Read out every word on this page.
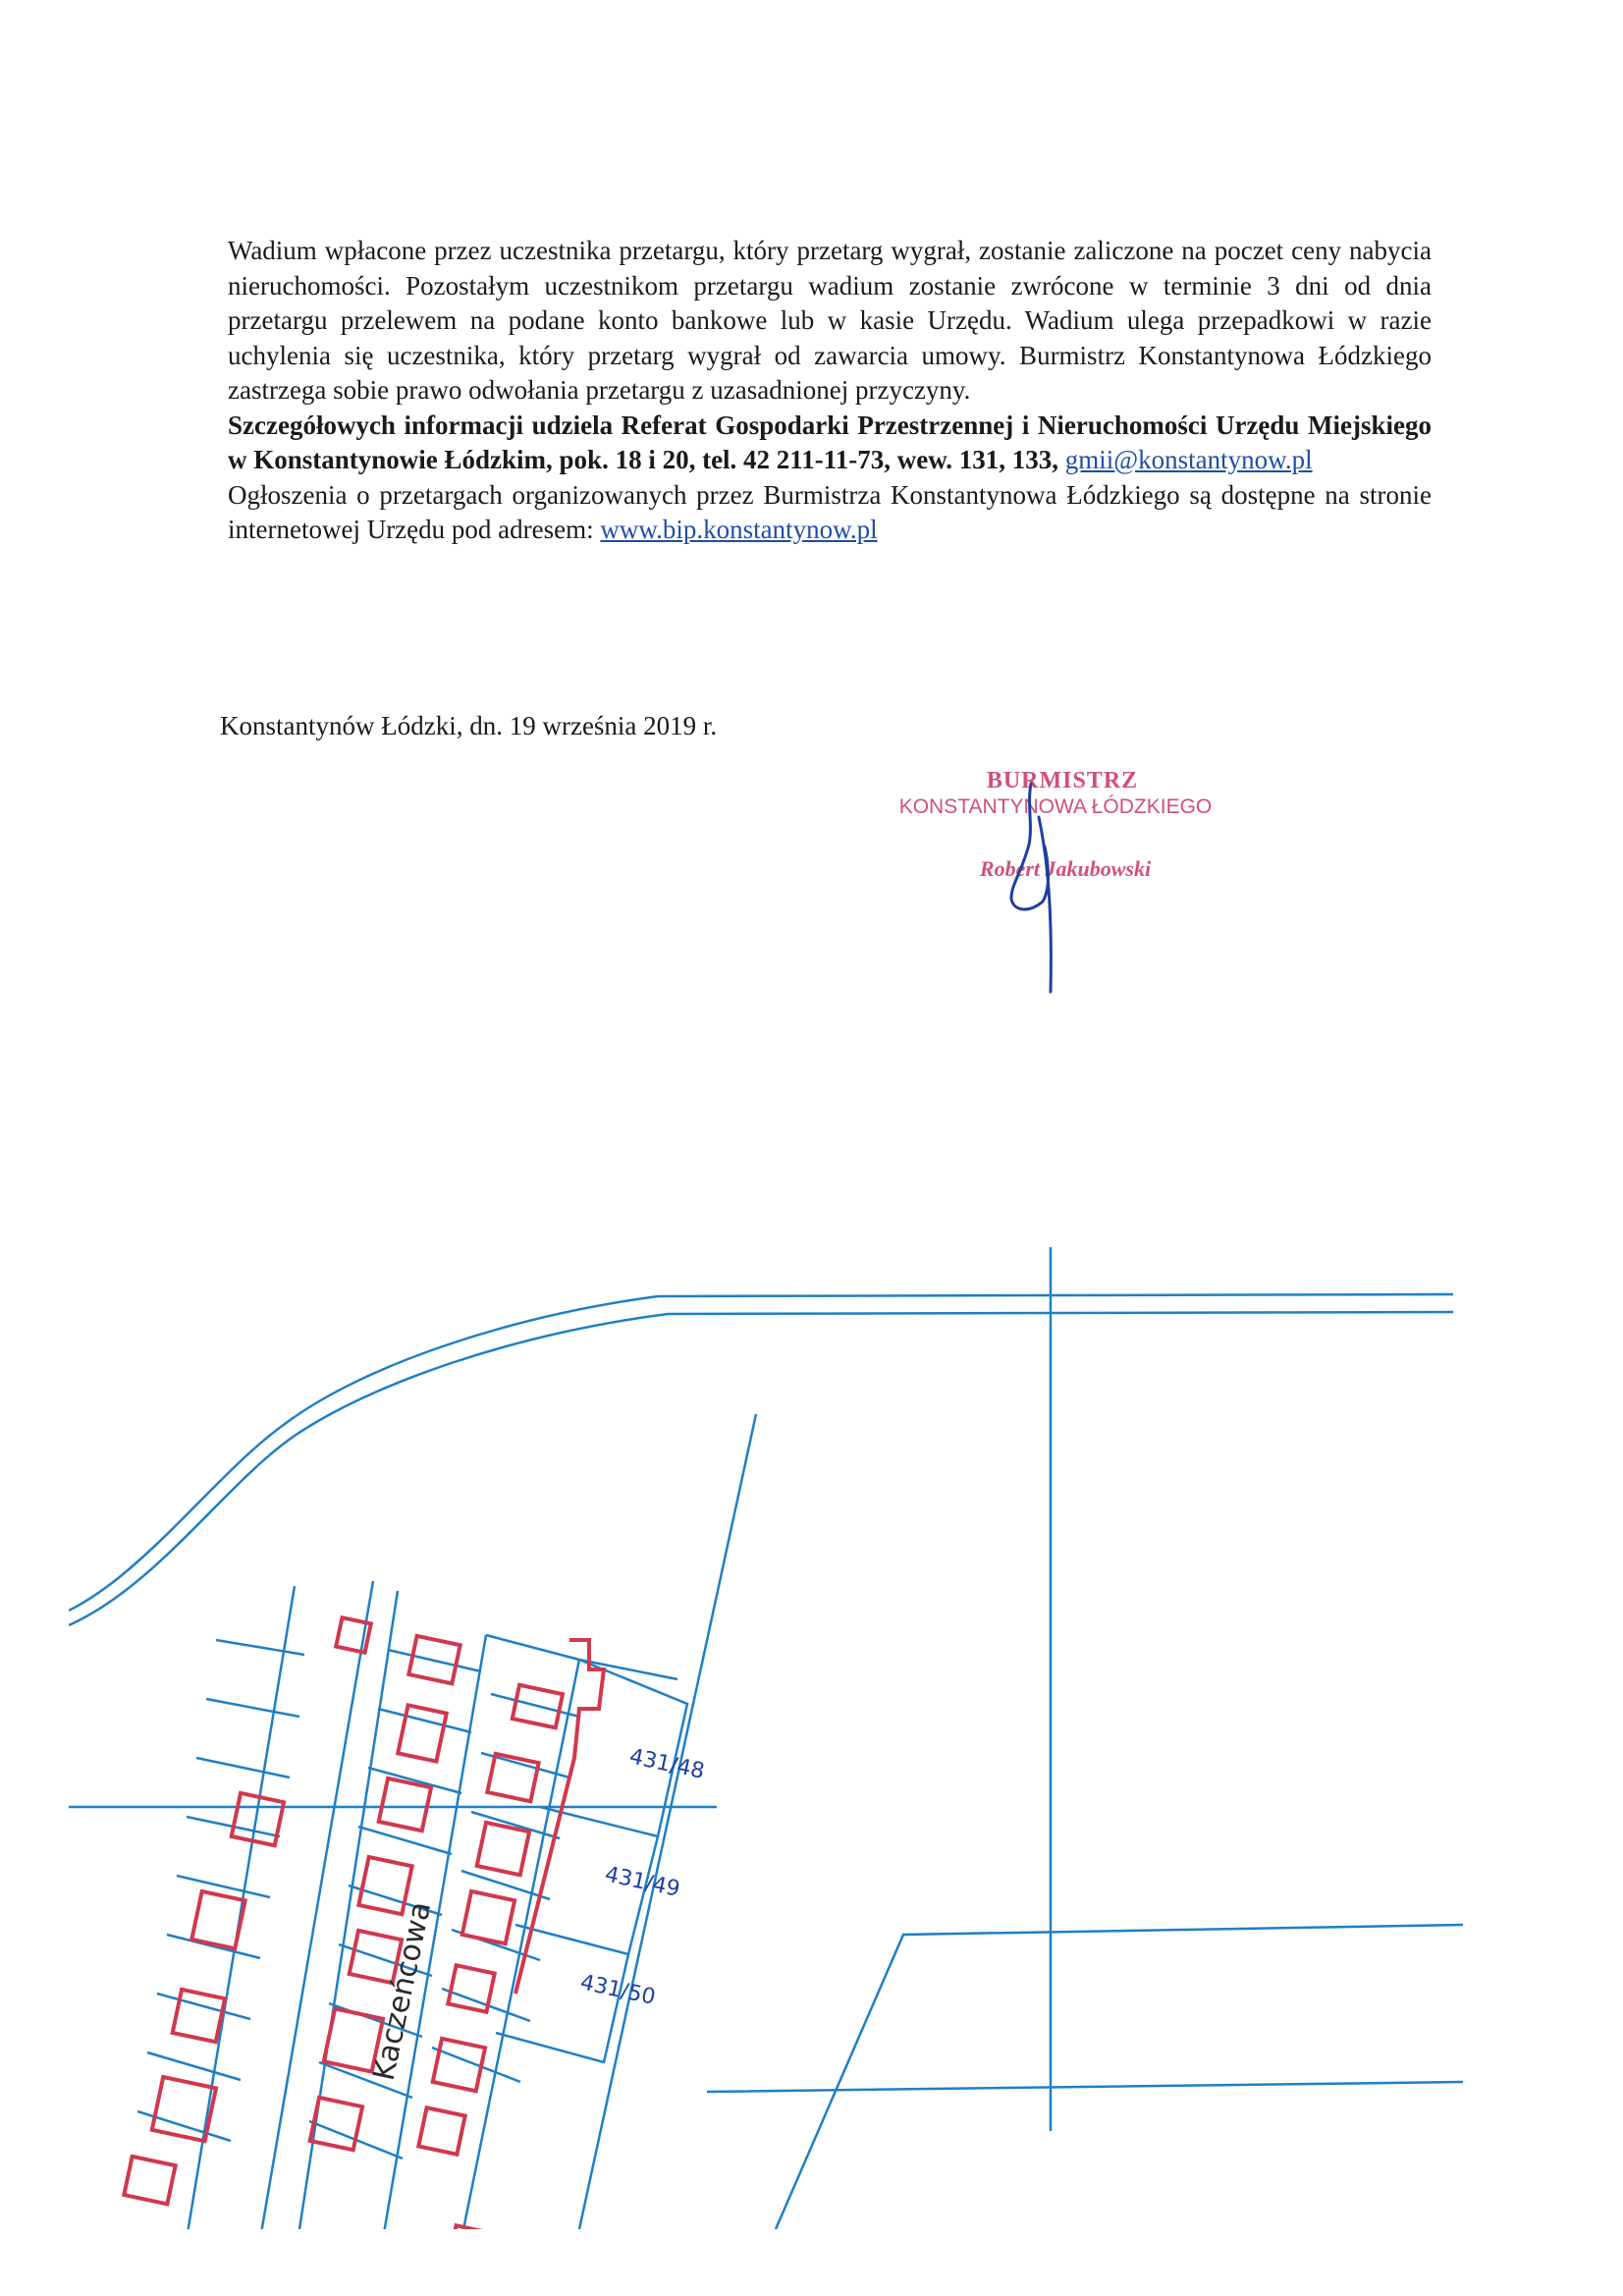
Wadium wpłacone przez uczestnika przetargu, który przetarg wygrał, zostanie zaliczone na poczet ceny nabycia nieruchomości. Pozostałym uczestnikom przetargu wadium zostanie zwrócone w terminie 3 dni od dnia przetargu przelewem na podane konto bankowe lub w kasie Urzędu. Wadium ulega przepadkowi w razie uchylenia się uczestnika, który przetarg wygrał od zawarcia umowy. Burmistrz Konstantynowa Łódzkiego zastrzega sobie prawo odwołania przetargu z uzasadnionej przyczyny.

Szczegółowych informacji udziela Referat Gospodarki Przestrzennej i Nieruchomości Urzędu Miejskiego w Konstantynowie Łódzkim, pok. 18 i 20, tel. 42 211-11-73, wew. 131, 133, gmii@konstantynow.pl

Ogłoszenia o przetargach organizowanych przez Burmistrza Konstantynowa Łódzkiego są dostępne na stronie internetowej Urzędu pod adresem: www.bip.konstantynow.pl

Konstantynów Łódzki, dn. 19 września 2019 r.
BURMISTRZ
KONSTANTYNOWA ŁÓDZKIEGO
Robert Jakubowski
431/48
431/49
431/50
Kaczeńcowa
